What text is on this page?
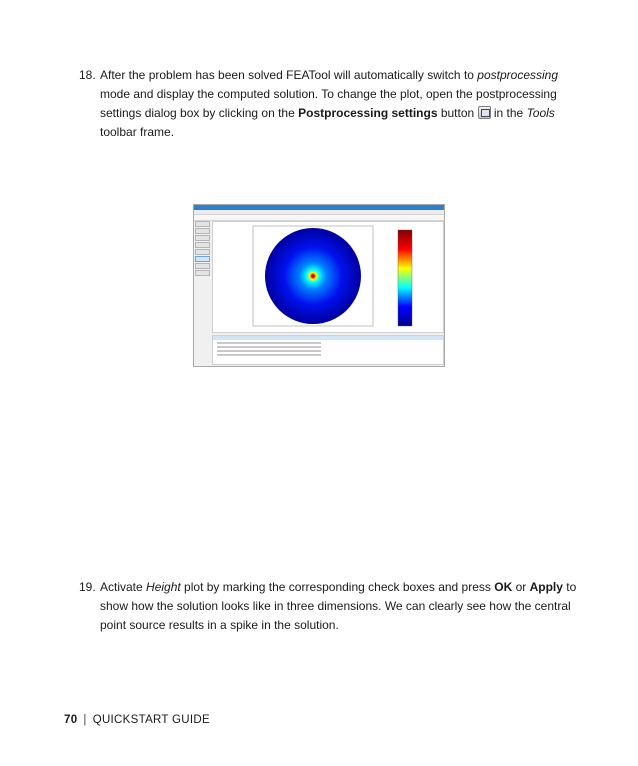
18. After the problem has been solved FEATool will automatically switch to postprocessing mode and display the computed solution. To change the plot, open the postprocessing settings dialog box by clicking on the Postprocessing settings button  in the Tools toolbar frame.
19. Activate Height plot by marking the corresponding check boxes and press OK or Apply to show how the solution looks like in three dimensions. We can clearly see how the central point source results in a spike in the solution.
70 | QUICKSTART GUIDE
